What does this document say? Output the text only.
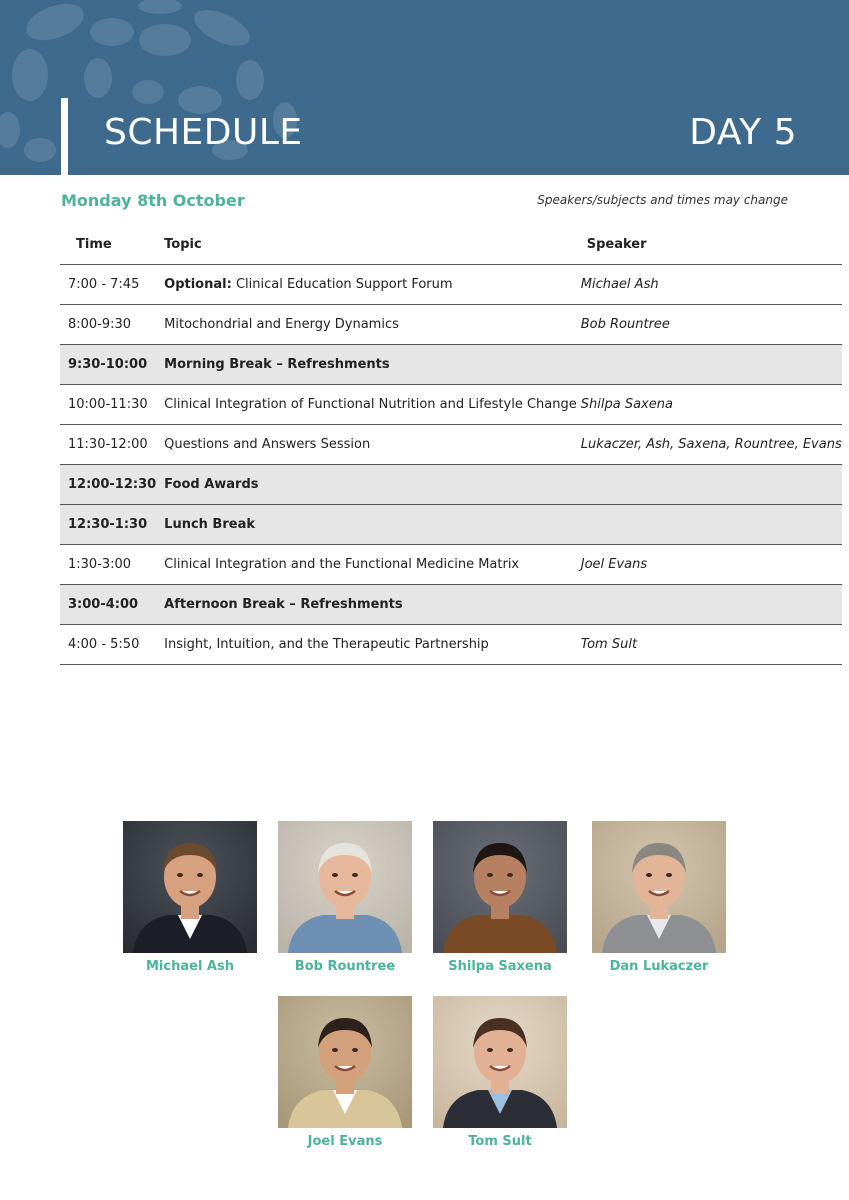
SCHEDULE	DAY 5
Monday 8th October	Speakers/subjects and times may change
Time	Topic	Speaker
7:00 - 7:45	Optional: Clinical Education Support Forum	Michael Ash
8:00-9:30	Mitochondrial and Energy Dynamics	Bob Rountree
9:30-10:00	Morning Break – Refreshments	
10:00-11:30	Clinical Integration of Functional Nutrition and Lifestyle Change	Shilpa Saxena
11:30-12:00	Questions and Answers Session	Lukaczer, Ash, Saxena, Rountree, Evans
12:00-12:30	Food Awards	
12:30-1:30	Lunch Break	
1:30-3:00	Clinical Integration and the Functional Medicine Matrix	Joel Evans
3:00-4:00	Afternoon Break – Refreshments	
4:00 - 5:50	Insight, Intuition, and the Therapeutic Partnership	Tom Sult
Michael Ash	Bob Rountree	Shilpa Saxena	Dan Lukaczer
Joel Evans	Tom Sult
